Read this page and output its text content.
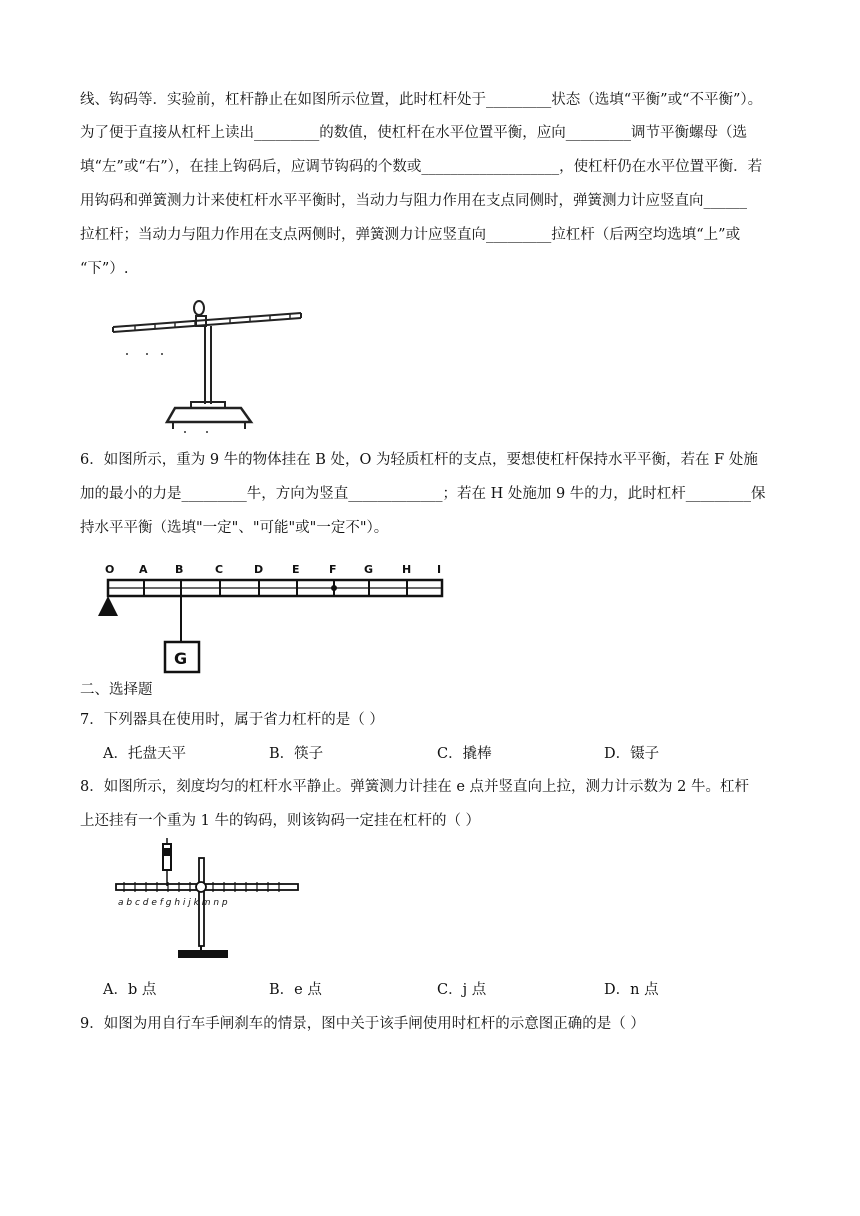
线、钩码等．实验前，杠杆静止在如图所示位置，此时杠杆处于_________状态（选填“平衡”或“不平衡”）。
为了便于直接从杠杆上读出_________的数值，使杠杆在水平位置平衡，应向_________调节平衡螺母（选
填“左”或“右”），在挂上钩码后，应调节钩码的个数或___________________，使杠杆仍在水平位置平衡．若
用钩码和弹簧测力计来使杠杆水平平衡时，当动力与阻力作用在支点同侧时，弹簧测力计应竖直向______
拉杠杆；当动力与阻力作用在支点两侧时，弹簧测力计应竖直向_________拉杠杆（后两空均选填“上”或
“下”）.
6．如图所示，重为 9 牛的物体挂在 B 处，O 为轻质杠杆的支点，要想使杠杆保持水平平衡，若在 F 处施
加的最小的力是_________牛，方向为竖直_____________；若在 H 处施加 9 牛的力，此时杠杆_________保
持水平平衡（选填"一定"、"可能"或"一定不"）。
O A B	C	D	E	F G	H I
G
二、选择题
7．下列器具在使用时，属于省力杠杆的是（ ）
A．托盘天平	B．筷子	C．撬棒	D．镊子
8．如图所示，刻度均匀的杠杆水平静止。弹簧测力计挂在 e 点并竖直向上拉，测力计示数为 2 牛。杠杆
上还挂有一个重为 1 牛的钩码，则该钩码一定挂在杠杆的（ ）
a b c d e f g h i j k m n p
A．b 点	B．e 点	C．j 点	D．n 点
9．如图为用自行车手闸刹车的情景，图中关于该手闸使用时杠杆的示意图正确的是（ ）
